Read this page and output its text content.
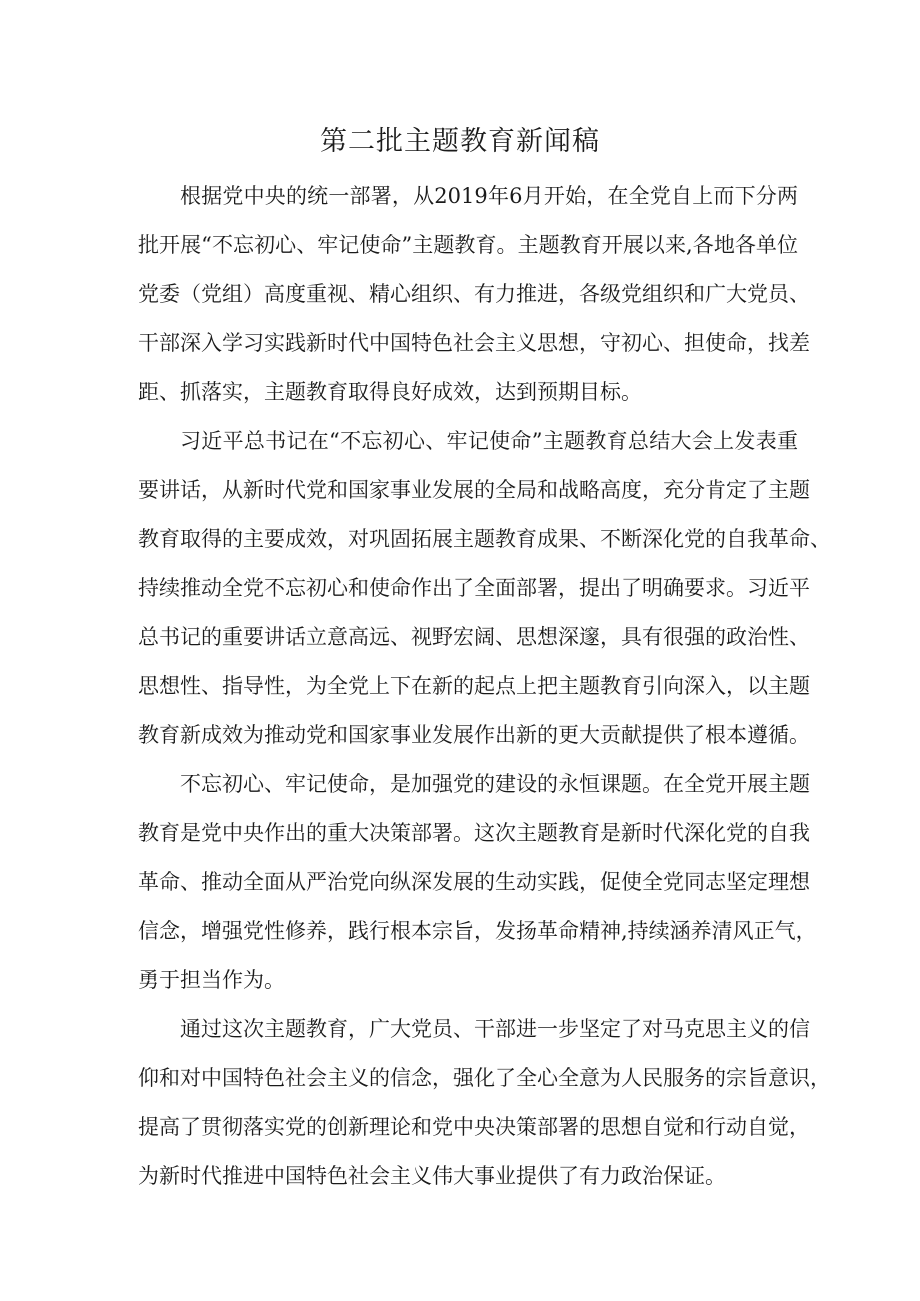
第二批主题教育新闻稿
根据党中央的统一部署，从2019年6月开始，在全党自上而下分两
批开展“不忘初心、牢记使命”主题教育。主题教育开展以来,各地各单位
党委（党组）高度重视、精心组织、有力推进，各级党组织和广大党员、
干部深入学习实践新时代中国特色社会主义思想，守初心、担使命，找差
距、抓落实，主题教育取得良好成效，达到预期目标。
习近平总书记在“不忘初心、牢记使命”主题教育总结大会上发表重
要讲话，从新时代党和国家事业发展的全局和战略高度，充分肯定了主题
教育取得的主要成效，对巩固拓展主题教育成果、不断深化党的自我革命、
持续推动全党不忘初心和使命作出了全面部署，提出了明确要求。习近平
总书记的重要讲话立意高远、视野宏阔、思想深邃，具有很强的政治性、
思想性、指导性，为全党上下在新的起点上把主题教育引向深入，以主题
教育新成效为推动党和国家事业发展作出新的更大贡献提供了根本遵循。
不忘初心、牢记使命，是加强党的建设的永恒课题。在全党开展主题
教育是党中央作出的重大决策部署。这次主题教育是新时代深化党的自我
革命、推动全面从严治党向纵深发展的生动实践，促使全党同志坚定理想
信念，增强党性修养，践行根本宗旨，发扬革命精神,持续涵养清风正气，
勇于担当作为。
通过这次主题教育，广大党员、干部进一步坚定了对马克思主义的信
仰和对中国特色社会主义的信念，强化了全心全意为人民服务的宗旨意识，
提高了贯彻落实党的创新理论和党中央决策部署的思想自觉和行动自觉，
为新时代推进中国特色社会主义伟大事业提供了有力政治保证。
